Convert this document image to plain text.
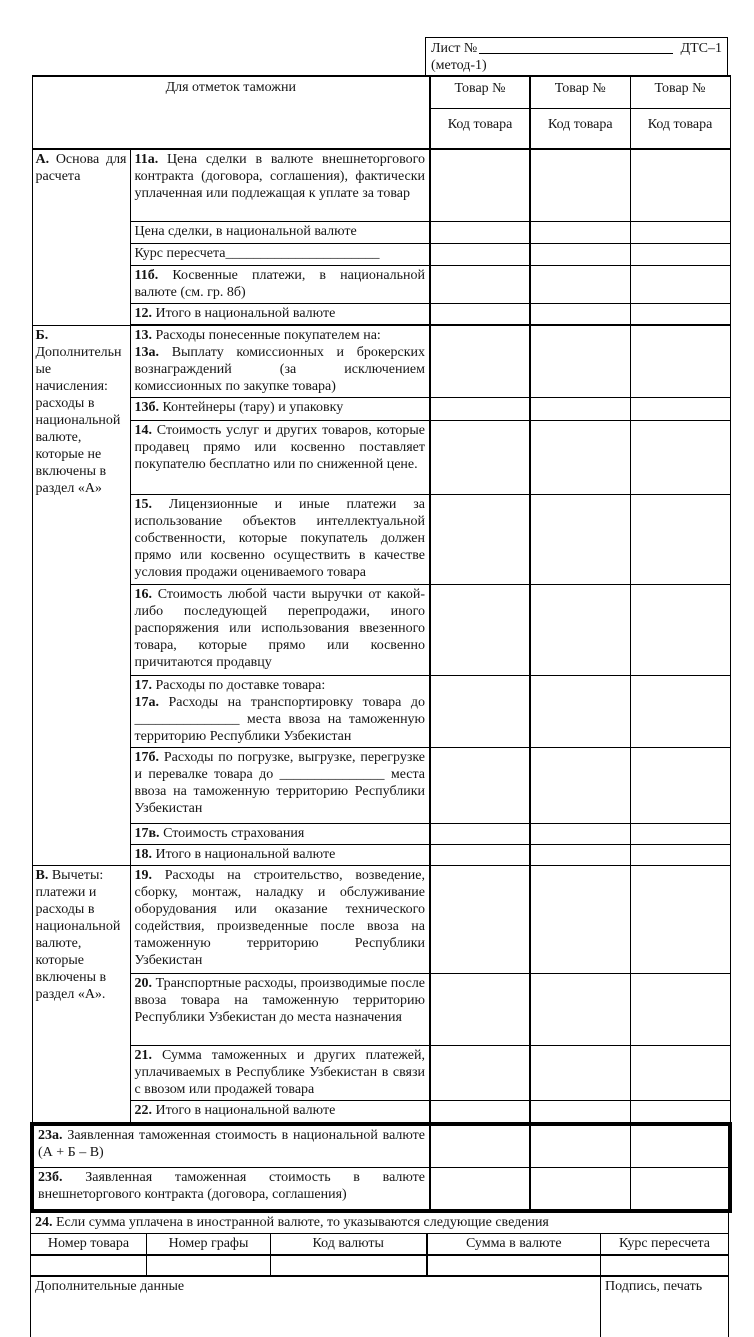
Лист №	ДТС–1
(метод-1)
Для отметок таможни		Товар №	Товар №	Товар №
		Код товара	Код товара	Код товара
А. Основа для расчета	11а. Цена сделки в валюте внешнеторгового контракта (договора, соглашения), фактически уплаченная или подлежащая к уплате за товар			
	Цена сделки, в национальной валюте			
	Курс пересчета______________________			
	11б. Косвенные платежи, в национальной валюте (см. гр. 8б)			
	12. Итого в национальной валюте			
Б. Дополнительные начисления: расходы в национальной валюте, которые не включены в раздел «А»	13. Расходы понесенные покупателем на:

13а. Выплату комиссионных и брокерских вознаграждений (за исключением комиссионных по закупке товара)			

	13б. Контейнеры (тару) и упаковку			
	14. Стоимость услуг и других товаров, которые продавец прямо или косвенно поставляет покупателю бесплатно или по сниженной цене.			
	15. Лицензионные и иные платежи за использование объектов интеллектуальной собственности, которые покупатель должен прямо или косвенно осуществить в качестве условия продажи оцениваемого товара			
	16. Стоимость любой части выручки от какой-либо последующей перепродажи, иного распоряжения или использования ввезенного товара, которые прямо или косвенно причитаются продавцу			

	17. Расходы по доставке товара:

17а. Расходы на транспортировку товара до _______________ места ввоза на таможенную территорию Республики Узбекистан			

	17б. Расходы по погрузке, выгрузке, перегрузке и перевалке товара до _______________ места ввоза на таможенную территорию Республики Узбекистан			
	17в. Стоимость страхования			
	18. Итого в национальной валюте			
В. Вычеты: платежи и расходы в национальной валюте, которые включены в раздел «А».	19. Расходы на строительство, возведение, сборку, монтаж, наладку и обслуживание оборудования или оказание технического содействия, произведенные после ввоза на таможенную территорию Республики Узбекистан			
	20. Транспортные расходы, производимые после ввоза товара на таможенную территорию Республики Узбекистан до места назначения			
	21. Сумма таможенных и других платежей, уплачиваемых в Республике Узбекистан в связи с ввозом или продажей товара			
	22. Итого в национальной валюте			
23а. Заявленная таможенная стоимость в национальной валюте (А + Б – В)				
23б. Заявленная таможенная стоимость в валюте внешнеторгового контракта (договора, соглашения)				
24. Если сумма уплачена в иностранной валюте, то указываются следующие сведения				
Номер товара	Номер графы	Код валюты	Сумма в валюте	Курс пересчета

Дополнительные данные				Подпись, печать
